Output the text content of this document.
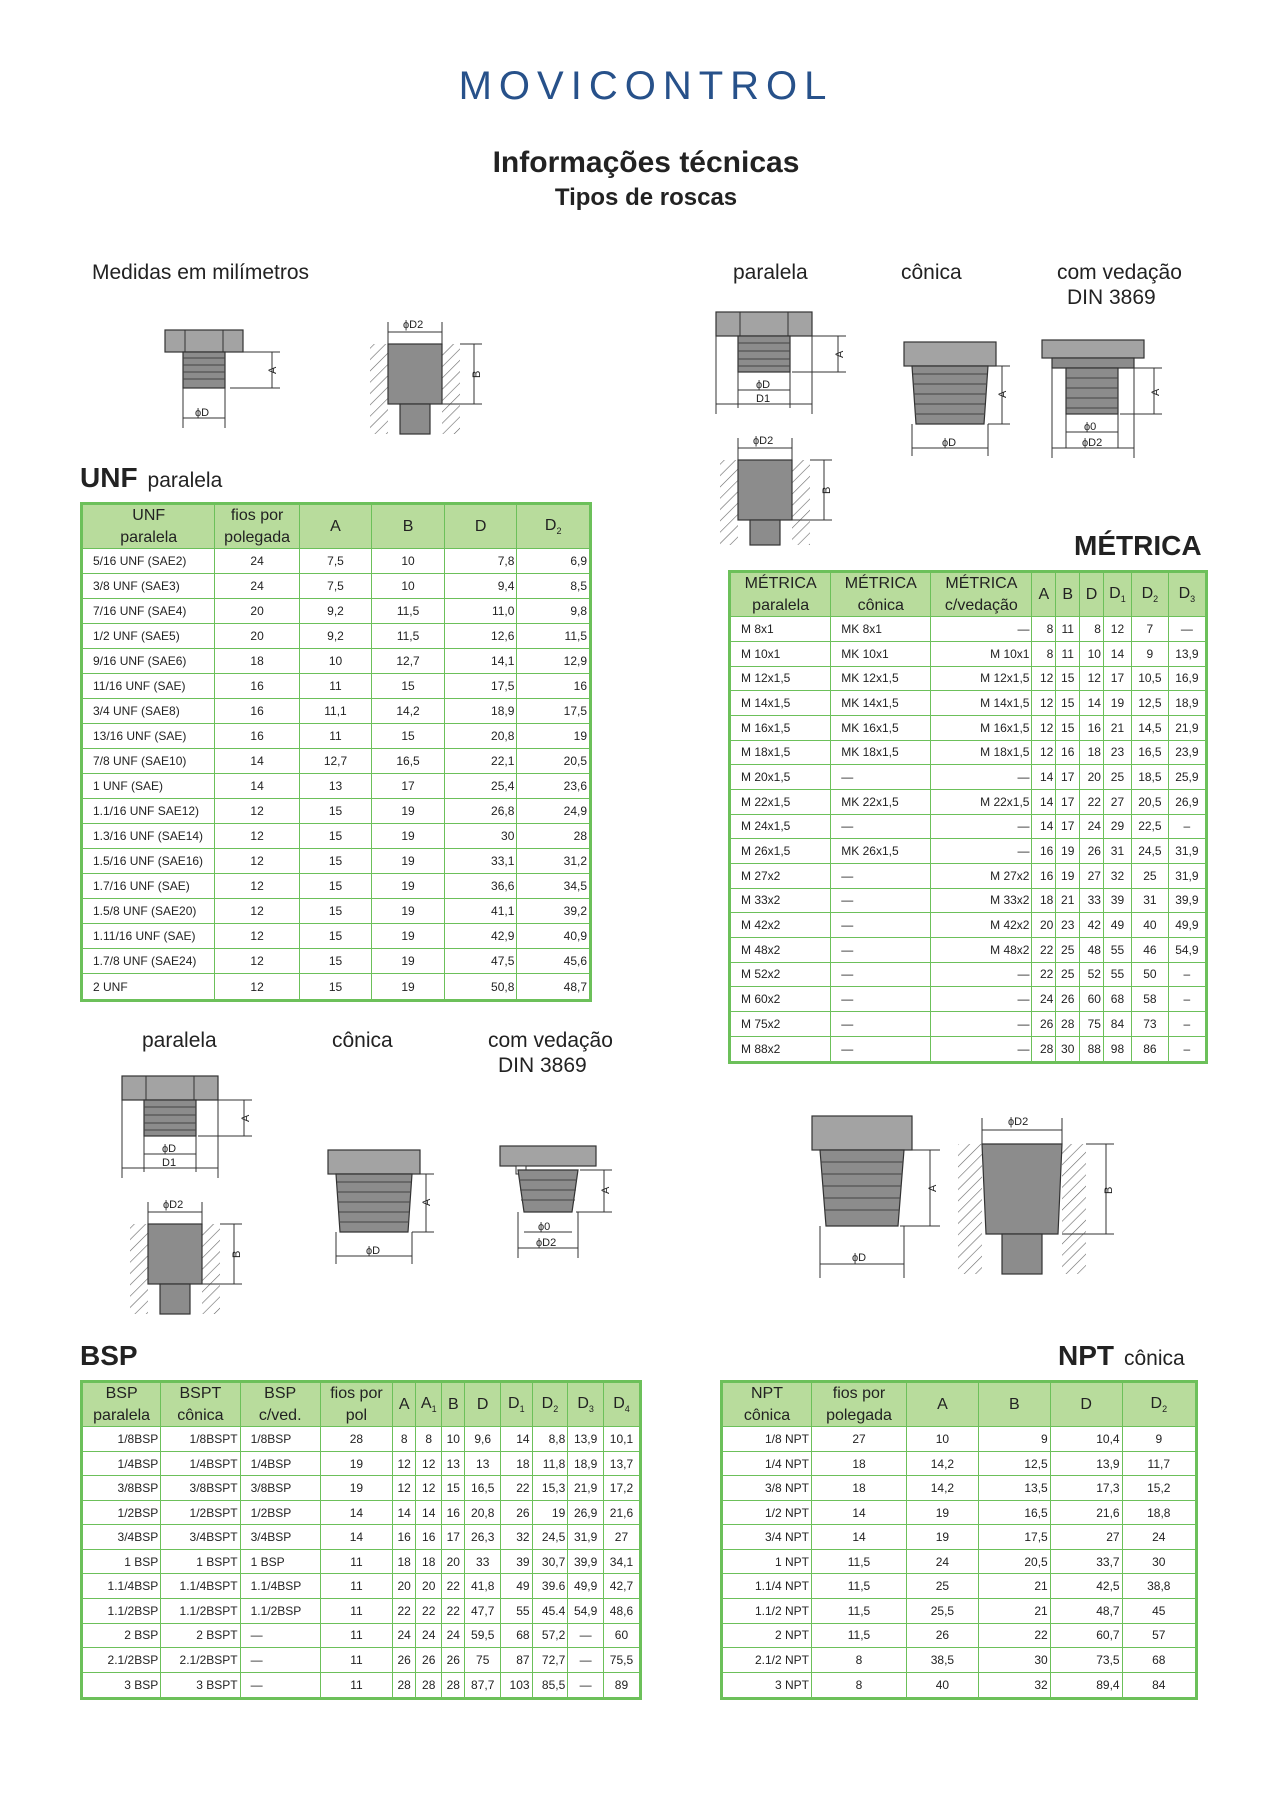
MOVICONTROL
Informações técnicas
Tipos de roscas
Medidas em milímetros	paralela	cônica	com vedação
DIN 3869
A
ϕD
ϕD2
B
A
ϕD
D1
ϕD2
B
A
ϕD
A
ϕ0
ϕD2
UNF paralela
UNF
paralela	fios por
polegada	A	B	D	$D_2$
5/16 UNF (SAE2)	24	7,5	10	7,8	6,9
3/8 UNF (SAE3)	24	7,5	10	9,4	8,5
7/16 UNF (SAE4)	20	9,2	11,5	11,0	9,8
1/2 UNF (SAE5)	20	9,2	11,5	12,6	11,5
9/16 UNF (SAE6)	18	10	12,7	14,1	12,9
11/16 UNF (SAE)	16	11	15	17,5	16
3/4 UNF (SAE8)	16	11,1	14,2	18,9	17,5
13/16 UNF (SAE)	16	11	15	20,8	19
7/8 UNF (SAE10)	14	12,7	16,5	22,1	20,5
1 UNF (SAE)	14	13	17	25,4	23,6
1.1/16 UNF SAE12)	12	15	19	26,8	24,9
1.3/16 UNF (SAE14)	12	15	19	30	28
1.5/16 UNF (SAE16)	12	15	19	33,1	31,2
1.7/16 UNF (SAE)	12	15	19	36,6	34,5
1.5/8 UNF (SAE20)	12	15	19	41,1	39,2
1.11/16 UNF (SAE)	12	15	19	42,9	40,9
1.7/8 UNF (SAE24)	12	15	19	47,5	45,6
2 UNF	12	15	19	50,8	48,7
MÉTRICA
MÉTRICA
paralela	MÉTRICA
cônica	MÉTRICA
c/vedação	A	B	D	$D_1$	$D_2$	$D_3$
M 8x1	MK 8x1	—	8	11	8	12	7	—
M 10x1	MK 10x1	M 10x1	8	11	10	14	9	13,9
M 12x1,5	MK 12x1,5	M 12x1,5	12	15	12	17	10,5	16,9
M 14x1,5	MK 14x1,5	M 14x1,5	12	15	14	19	12,5	18,9
M 16x1,5	MK 16x1,5	M 16x1,5	12	15	16	21	14,5	21,9
M 18x1,5	MK 18x1,5	M 18x1,5	12	16	18	23	16,5	23,9
M 20x1,5	—	—	14	17	20	25	18,5	25,9
M 22x1,5	MK 22x1,5	M 22x1,5	14	17	22	27	20,5	26,9
M 24x1,5	—	—	14	17	24	29	22,5	–
M 26x1,5	MK 26x1,5	—	16	19	26	31	24,5	31,9
M 27x2	—	M 27x2	16	19	27	32	25	31,9
M 33x2	—	M 33x2	18	21	33	39	31	39,9
M 42x2	—	M 42x2	20	23	42	49	40	49,9
M 48x2	—	M 48x2	22	25	48	55	46	54,9
M 52x2	—	—	22	25	52	55	50	–
M 60x2	—	—	24	26	60	68	58	–
M 75x2	—	—	26	28	75	84	73	–
M 88x2	—	—	28	30	88	98	86	–
paralela	cônica	com vedação
DIN 3869
A
ϕD
D1
ϕD2
B
A
ϕD
A
ϕ0
ϕD2
A
ϕD
ϕD2
B
BSP
BSP
paralela	BSPT
cônica	BSP
c/ved.	fios por
pol	A	$A_1$	B	D	$D_1$	$D_2$	$D_3$	$D_4$
1/8BSP	1/8BSPT	1/8BSP	28	8	8	10	9,6	14	8,8	13,9	10,1
1/4BSP	1/4BSPT	1/4BSP	19	12	12	13	13	18	11,8	18,9	13,7
3/8BSP	3/8BSPT	3/8BSP	19	12	12	15	16,5	22	15,3	21,9	17,2
1/2BSP	1/2BSPT	1/2BSP	14	14	14	16	20,8	26	19	26,9	21,6
3/4BSP	3/4BSPT	3/4BSP	14	16	16	17	26,3	32	24,5	31,9	27
1 BSP	1 BSPT	1 BSP	11	18	18	20	33	39	30,7	39,9	34,1
1.1/4BSP	1.1/4BSPT	1.1/4BSP	11	20	20	22	41,8	49	39.6	49,9	42,7
1.1/2BSP	1.1/2BSPT	1.1/2BSP	11	22	22	22	47,7	55	45.4	54,9	48,6
2 BSP	2 BSPT	—	11	24	24	24	59,5	68	57,2	—	60
2.1/2BSP	2.1/2BSPT	—	11	26	26	26	75	87	72,7	—	75,5
3 BSP	3 BSPT	—	11	28	28	28	87,7	103	85,5	—	89
NPT cônica
NPT
cônica	fios por
polegada	A	B	D	$D_2$
1/8 NPT	27	10	9	10,4	9
1/4 NPT	18	14,2	12,5	13,9	11,7
3/8 NPT	18	14,2	13,5	17,3	15,2
1/2 NPT	14	19	16,5	21,6	18,8
3/4 NPT	14	19	17,5	27	24
1 NPT	11,5	24	20,5	33,7	30
1.1/4 NPT	11,5	25	21	42,5	38,8
1.1/2 NPT	11,5	25,5	21	48,7	45
2 NPT	11,5	26	22	60,7	57
2.1/2 NPT	8	38,5	30	73,5	68
3 NPT	8	40	32	89,4	84
